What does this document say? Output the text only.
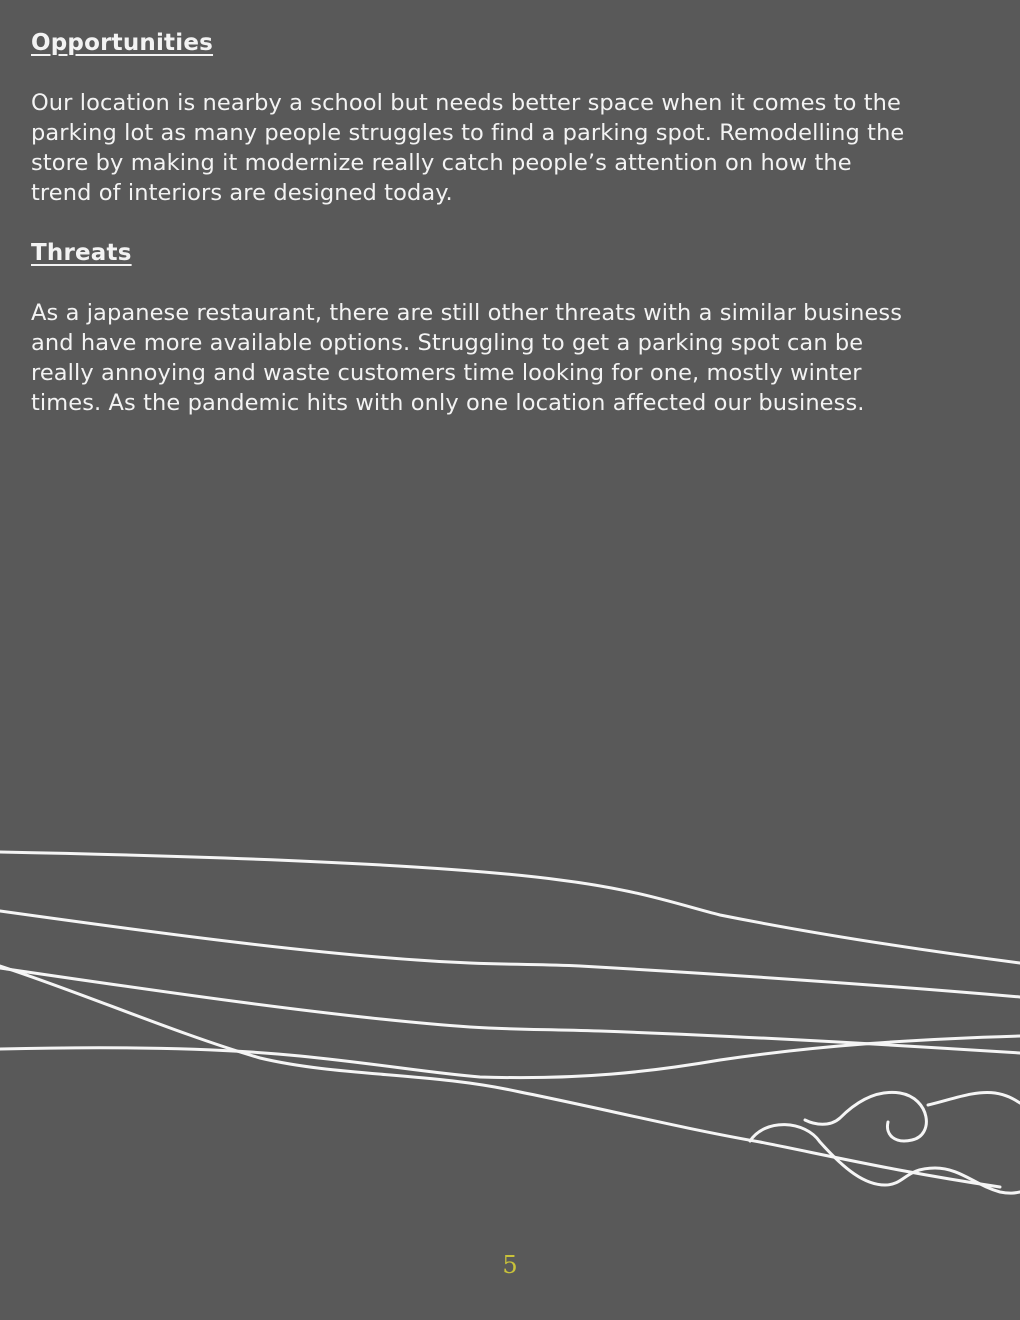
Opportunities

Our location is nearby a school but needs better space when it comes to the parking lot as many people struggles to find a parking spot. Remodelling the store by making it modernize really catch people’s attention on how the trend of interiors are designed today.

Threats

As a japanese restaurant, there are still other threats with a similar business and have more available options. Struggling to get a parking spot can be really annoying and waste customers time looking for one, mostly winter times. As the pandemic hits with only one location affected our business.

5
